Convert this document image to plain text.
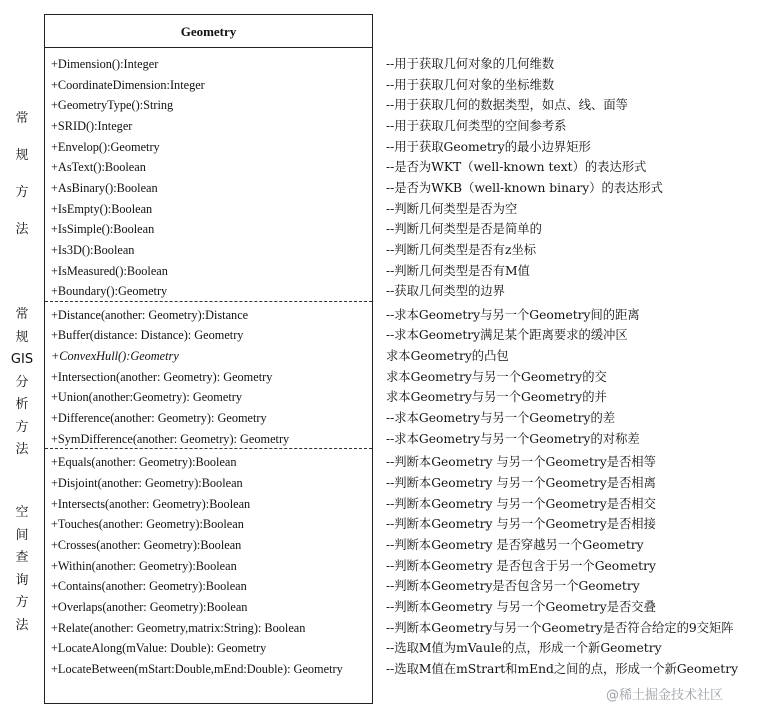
Geometry
+Dimension():Integer	--用于获取几何对象的几何维数
+CoordinateDimension:Integer	--用于获取几何对象的坐标维数
+GeometryType():String	--用于获取几何的数据类型，如点、线、面等
+SRID():Integer	--用于获取几何类型的空间参考系
+Envelop():Geometry	--用于获取Geometry的最小边界矩形
+AsText():Boolean	--是否为WKT（well-known text）的表达形式
+AsBinary():Boolean	--是否为WKB（well-known binary）的表达形式
+IsEmpty():Boolean	--判断几何类型是否为空
+IsSimple():Boolean	--判断几何类型是否是简单的
+Is3D():Boolean	--判断几何类型是否有z坐标
+IsMeasured():Boolean	--判断几何类型是否有M值
+Boundary():Geometry	--获取几何类型的边界
+Distance(another: Geometry):Distance	--求本Geometry与另一个Geometry间的距离
+Buffer(distance: Distance): Geometry	--求本Geometry满足某个距离要求的缓冲区
+ConvexHull():Geometry	求本Geometry的凸包
+Intersection(another: Geometry): Geometry	求本Geometry与另一个Geometry的交
+Union(another:Geometry): Geometry	求本Geometry与另一个Geometry的并
+Difference(another: Geometry): Geometry	--求本Geometry与另一个Geometry的差
+SymDifference(another: Geometry): Geometry	--求本Geometry与另一个Geometry的对称差
+Equals(another: Geometry):Boolean	--判断本Geometry 与另一个Geometry是否相等
+Disjoint(another: Geometry):Boolean	--判断本Geometry 与另一个Geometry是否相离
+Intersects(another: Geometry):Boolean	--判断本Geometry 与另一个Geometry是否相交
+Touches(another: Geometry):Boolean	--判断本Geometry 与另一个Geometry是否相接
+Crosses(another: Geometry):Boolean	--判断本Geometry 是否穿越另一个Geometry
+Within(another: Geometry):Boolean	--判断本Geometry 是否包含于另一个Geometry
+Contains(another: Geometry):Boolean	--判断本Geometry是否包含另一个Geometry
+Overlaps(another: Geometry):Boolean	--判断本Geometry 与另一个Geometry是否交叠
+Relate(another: Geometry,matrix:String): Boolean	--判断本Geometry与另一个Geometry是否符合给定的9交矩阵
+LocateAlong(mValue: Double): Geometry	--选取M值为mVaule的点，形成一个新Geometry
+LocateBetween(mStart:Double,mEnd:Double): Geometry	--选取M值在mStrart和mEnd之间的点，形成一个新Geometry
常
规
方
法
常
规
GIS
分
析
方
法
空
间
查
询
方
法
@稀土掘金技术社区
